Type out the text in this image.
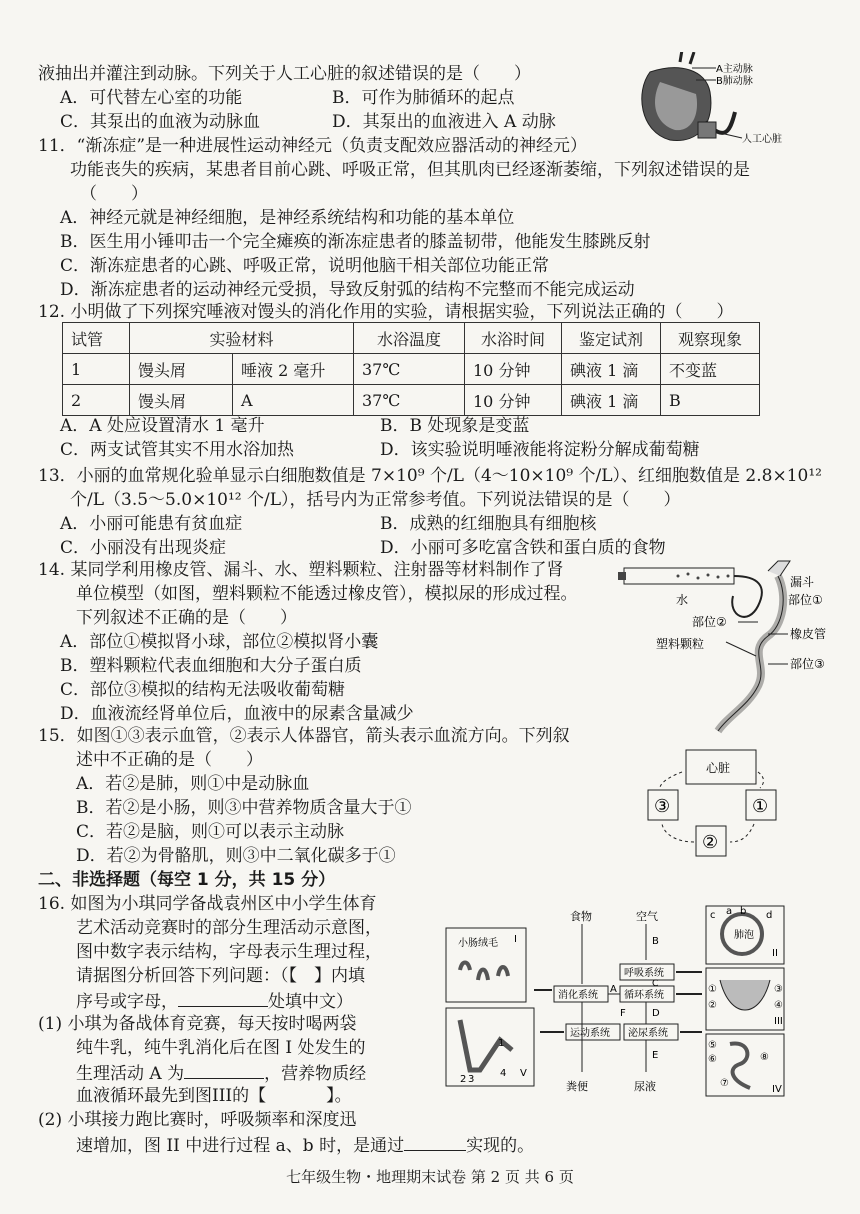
液抽出并灌注到动脉。下列关于人工心脏的叙述错误的是（　　）
A．可代替左心室的功能	B．可作为肺循环的起点
C．其泵出的血液为动脉血	D．其泵出的血液进入 A 动脉
A主动脉
B肺动脉
人工心脏
11．“渐冻症”是一种进展性运动神经元（负责支配效应器活动的神经元）
功能丧失的疾病，某患者目前心跳、呼吸正常，但其肌肉已经逐渐萎缩，下列叙述错误的是
（　　）
A．神经元就是神经细胞，是神经系统结构和功能的基本单位
B．医生用小锤叩击一个完全瘫痪的渐冻症患者的膝盖韧带，他能发生膝跳反射
C．渐冻症患者的心跳、呼吸正常，说明他脑干相关部位功能正常
D．渐冻症患者的运动神经元受损，导致反射弧的结构不完整而不能完成运动
12. 小明做了下列探究唾液对馒头的消化作用的实验，请根据实验，下列说法正确的（　　）
试管	实验材料		水浴温度	水浴时间	鉴定试剂	观察现象
1	馒头屑	唾液 2 毫升	37℃	10 分钟	碘液 1 滴	不变蓝
2	馒头屑	A	37℃	10 分钟	碘液 1 滴	B
A．A 处应设置清水 1 毫升	B．B 处现象是变蓝
C．两支试管其实不用水浴加热	D．该实验说明唾液能将淀粉分解成葡萄糖
13．小丽的血常规化验单显示白细胞数值是 7×10⁹ 个/L（4～10×10⁹ 个/L）、红细胞数值是 2.8×10¹²
个/L（3.5～5.0×10¹² 个/L），括号内为正常参考值。下列说法错误的是（　　）
A．小丽可能患有贫血症	B．成熟的红细胞具有细胞核
C．小丽没有出现炎症	D．小丽可多吃富含铁和蛋白质的食物
14. 某同学利用橡皮管、漏斗、水、塑料颗粒、注射器等材料制作了肾
单位模型（如图，塑料颗粒不能透过橡皮管），模拟尿的形成过程。
下列叙述不正确的是（　　）
A．部位①模拟肾小球，部位②模拟肾小囊
B．塑料颗粒代表血细胞和大分子蛋白质
C．部位③模拟的结构无法吸收葡萄糖
D．血液流经肾单位后，血液中的尿素含量减少
漏斗
部位①
水
部位②
塑料颗粒
橡皮管
部位③
15．如图①③表示血管，②表示人体器官，箭头表示血流方向。下列叙
述中不正确的是（　　）
A．若②是肺，则①中是动脉血
B．若②是小肠，则③中营养物质含量大于①
C．若②是脑，则①可以表示主动脉
D．若②为骨骼肌，则③中二氧化碳多于①
心脏
①
②
③
二、非选择题（每空 1 分，共 15 分）
16. 如图为小琪同学备战袁州区中小学生体育
艺术活动竞赛时的部分生理活动示意图，
图中数字表示结构，字母表示生理过程，
请据图分析回答下列问题：（【　】内填
序号或字母，	处填中文）
(1) 小琪为备战体育竞赛，每天按时喝两袋
纯牛乳，纯牛乳消化后在图 I 处发生的
生理活动 A 为	，营养物质经
血液循环最先到图III的【	】。
(2) 小琪接力跑比赛时，呼吸频率和深度迅
速增加，图 II 中进行过程 a、b 时，是通过	实现的。
小肠绒毛 I
1
2 3
4 V
食物	空气
B
呼吸系统
消化系统
A
循环系统
C
运动系统 泌尿系统
D
E
F
粪便	尿液
肺泡
a b
c	d
II
①
②
③
④
III
⑤
⑥
⑦
⑧
IV
七年级生物・地理期末试卷 第 2 页 共 6 页
